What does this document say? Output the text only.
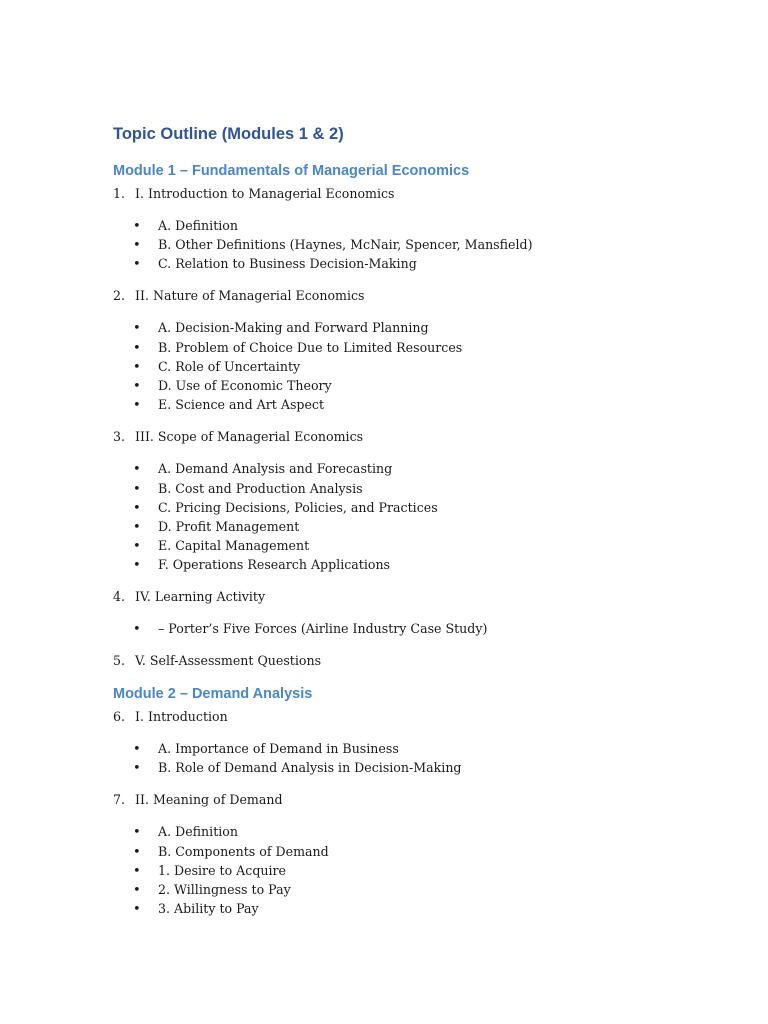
Topic Outline (Modules 1 & 2)
Module 1 – Fundamentals of Managerial Economics
1. I. Introduction to Managerial Economics
• A. Definition
• B. Other Definitions (Haynes, McNair, Spencer, Mansfield)
• C. Relation to Business Decision-Making
2. II. Nature of Managerial Economics
• A. Decision-Making and Forward Planning
• B. Problem of Choice Due to Limited Resources
• C. Role of Uncertainty
• D. Use of Economic Theory
• E. Science and Art Aspect
3. III. Scope of Managerial Economics
• A. Demand Analysis and Forecasting
• B. Cost and Production Analysis
• C. Pricing Decisions, Policies, and Practices
• D. Profit Management
• E. Capital Management
• F. Operations Research Applications
4. IV. Learning Activity
• – Porter’s Five Forces (Airline Industry Case Study)
5. V. Self-Assessment Questions
Module 2 – Demand Analysis
6. I. Introduction
• A. Importance of Demand in Business
• B. Role of Demand Analysis in Decision-Making
7. II. Meaning of Demand
• A. Definition
• B. Components of Demand
• 1. Desire to Acquire
• 2. Willingness to Pay
• 3. Ability to Pay
